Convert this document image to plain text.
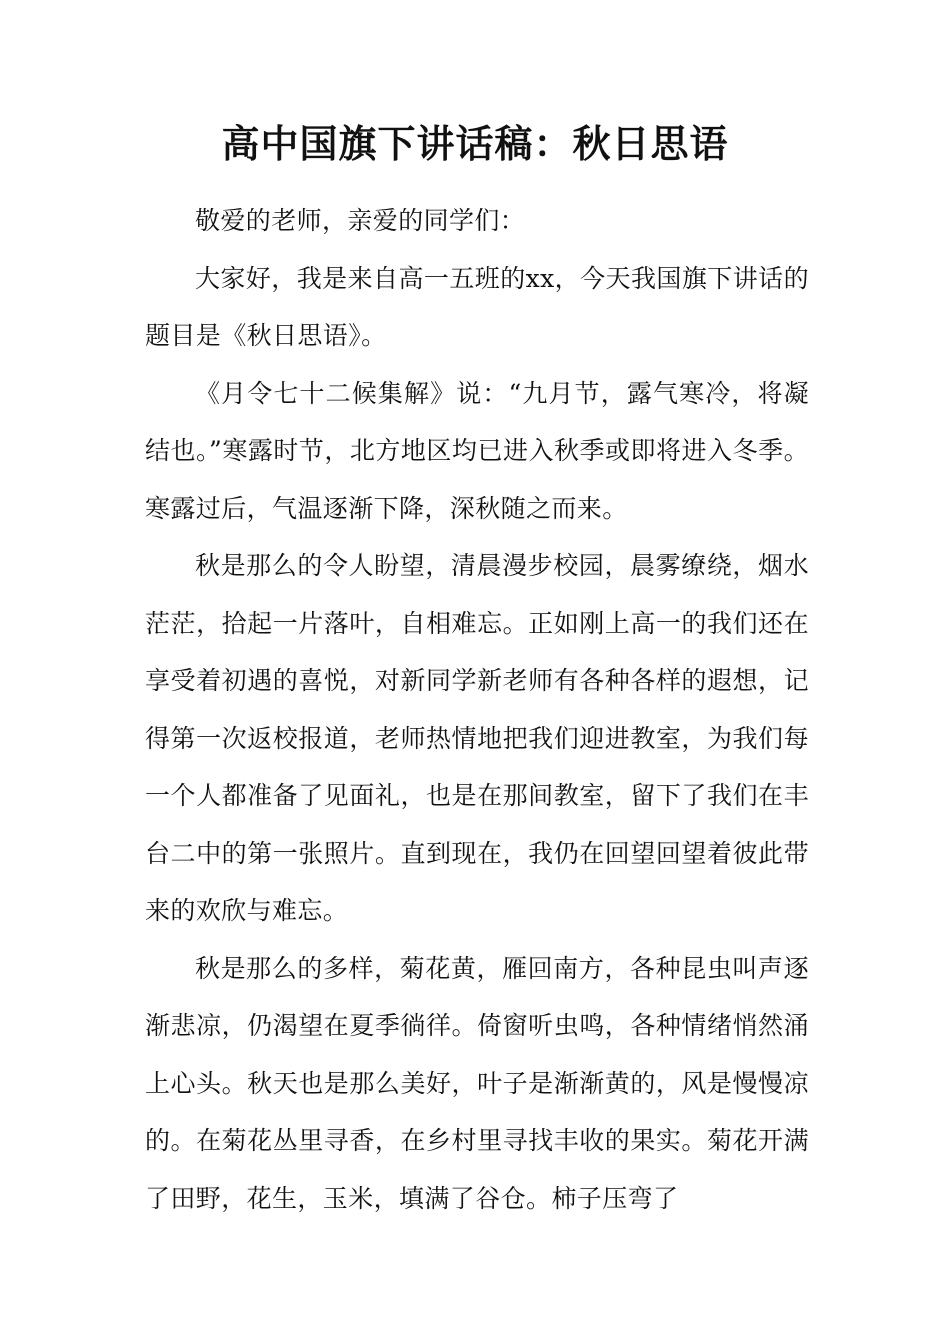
高中国旗下讲话稿：秋日思语

敬爱的老师，亲爱的同学们：

大家好，我是来自高一五班的xx，今天我国旗下讲话的题目是《秋日思语》。

《月令七十二候集解》说：“九月节，露气寒冷，将凝结也。”寒露时节，北方地区均已进入秋季或即将进入冬季。寒露过后，气温逐渐下降，深秋随之而来。

秋是那么的令人盼望，清晨漫步校园，晨雾缭绕，烟水茫茫，拾起一片落叶，自相难忘。正如刚上高一的我们还在享受着初遇的喜悦，对新同学新老师有各种各样的遐想，记得第一次返校报道，老师热情地把我们迎进教室，为我们每一个人都准备了见面礼，也是在那间教室，留下了我们在丰台二中的第一张照片。直到现在，我仍在回望回望着彼此带来的欢欣与难忘。

秋是那么的多样，菊花黄，雁回南方，各种昆虫叫声逐渐悲凉，仍渴望在夏季徜徉。倚窗听虫鸣，各种情绪悄然涌上心头。秋天也是那么美好，叶子是渐渐黄的，风是慢慢凉的。在菊花丛里寻香，在乡村里寻找丰收的果实。菊花开满了田野，花生，玉米，填满了谷仓。柿子压弯了
